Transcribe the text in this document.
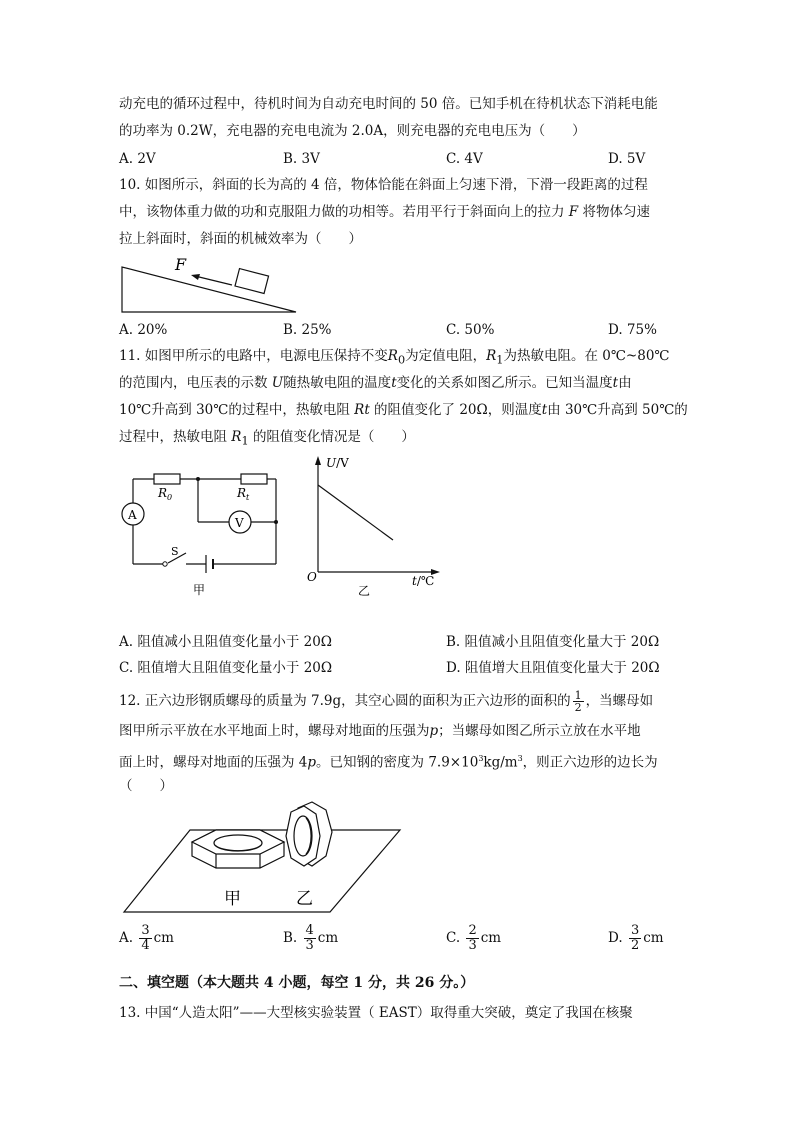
动充电的循环过程中，待机时间为自动充电时间的 50 倍。已知手机在待机状态下消耗电能
的功率为 0.2W，充电器的充电电流为 2.0A，则充电器的充电电压为（　　）
A. 2V	B. 3V	C. 4V	D. 5V
10. 如图所示，斜面的长为高的 4 倍，物体恰能在斜面上匀速下滑，下滑一段距离的过程
中，该物体重力做的功和克服阻力做的功相等。若用平行于斜面向上的拉力 F 将物体匀速
拉上斜面时，斜面的机械效率为（　　）
F
A. 20%	B. 25%	C. 50%	D. 75%
11. 如图甲所示的电路中，电源电压保持不变$R_0$为定值电阻，$R_1$为热敏电阻。在 0℃~80℃
的范围内，电压表的示数 U随热敏电阻的温度t变化的关系如图乙所示。已知当温度t由
10℃升高到 30℃的过程中，热敏电阻 Rt 的阻值变化了 20Ω，则温度t由 30℃升高到 50℃的
过程中，热敏电阻 $R_1$ 的阻值变化情况是（　　）
$R_0$	$R_t$
V
A
S
甲
U/V
t/℃
O
乙
A. 阻值减小且阻值变化量小于 20Ω	B. 阻值减小且阻值变化量大于 20Ω
C. 阻值增大且阻值变化量小于 20Ω	D. 阻值增大且阻值变化量大于 20Ω
12. 正六边形钢质螺母的质量为 7.9g，其空心圆的面积为正六边形的面积的 $\frac{1}{2}$ ，当螺母如
图甲所示平放在水平地面上时，螺母对地面的压强为p；当螺母如图乙所示立放在水平地
面上时，螺母对地面的压强为 4p。已知钢的密度为 $7.9\times 10^3kg/m^3$，则正六边形的边长为
（　　）
甲	乙
A. $\frac{3}{4}$ cm	B. $\frac{4}{3}$ cm	C. $\frac{2}{3}$ cm	D. $\frac{3}{2}$ cm
二、填空题（本大题共 4 小题，每空 1 分，共 26 分。）
13. 中国“人造太阳”——大型核实验装置（ EAST）取得重大突破，奠定了我国在核聚
